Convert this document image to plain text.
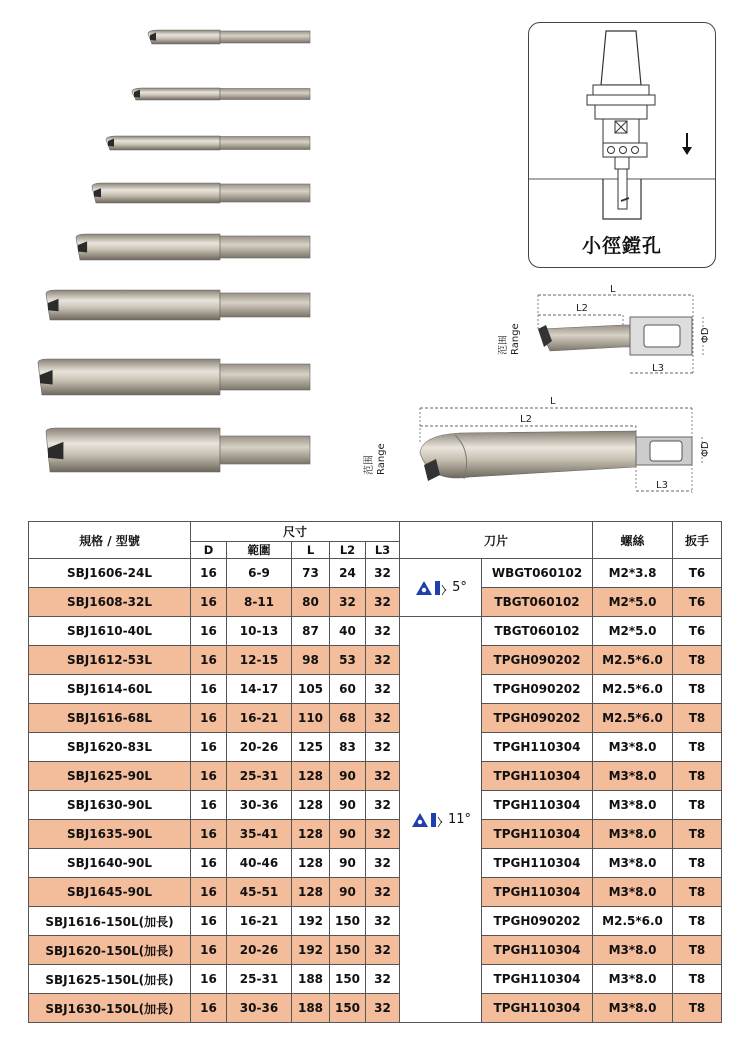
小徑鏜孔
L
L2
L3
ΦD
范围 Range
L
L2
L3
ΦD
范围 Range
規格 / 型號	尺寸					刀片		螺絲	扳手
	D	範圍	L	L2	L3				
SBJ1606-24L	16	6-9	73	24	32	5°	WBGT060102	M2*3.8	T6
SBJ1608-32L	16	8-11	80	32	32		TBGT060102	M2*5.0	T6
SBJ1610-40L	16	10-13	87	40	32	11°	TBGT060102	M2*5.0	T6
SBJ1612-53L	16	12-15	98	53	32		TPGH090202	M2.5*6.0	T8
SBJ1614-60L	16	14-17	105	60	32		TPGH090202	M2.5*6.0	T8
SBJ1616-68L	16	16-21	110	68	32		TPGH090202	M2.5*6.0	T8
SBJ1620-83L	16	20-26	125	83	32		TPGH110304	M3*8.0	T8
SBJ1625-90L	16	25-31	128	90	32		TPGH110304	M3*8.0	T8
SBJ1630-90L	16	30-36	128	90	32		TPGH110304	M3*8.0	T8
SBJ1635-90L	16	35-41	128	90	32		TPGH110304	M3*8.0	T8
SBJ1640-90L	16	40-46	128	90	32		TPGH110304	M3*8.0	T8
SBJ1645-90L	16	45-51	128	90	32		TPGH110304	M3*8.0	T8
SBJ1616-150L(加長)	16	16-21	192	150	32		TPGH090202	M2.5*6.0	T8
SBJ1620-150L(加長)	16	20-26	192	150	32		TPGH110304	M3*8.0	T8
SBJ1625-150L(加長)	16	25-31	188	150	32		TPGH110304	M3*8.0	T8
SBJ1630-150L(加長)	16	30-36	188	150	32		TPGH110304	M3*8.0	T8
